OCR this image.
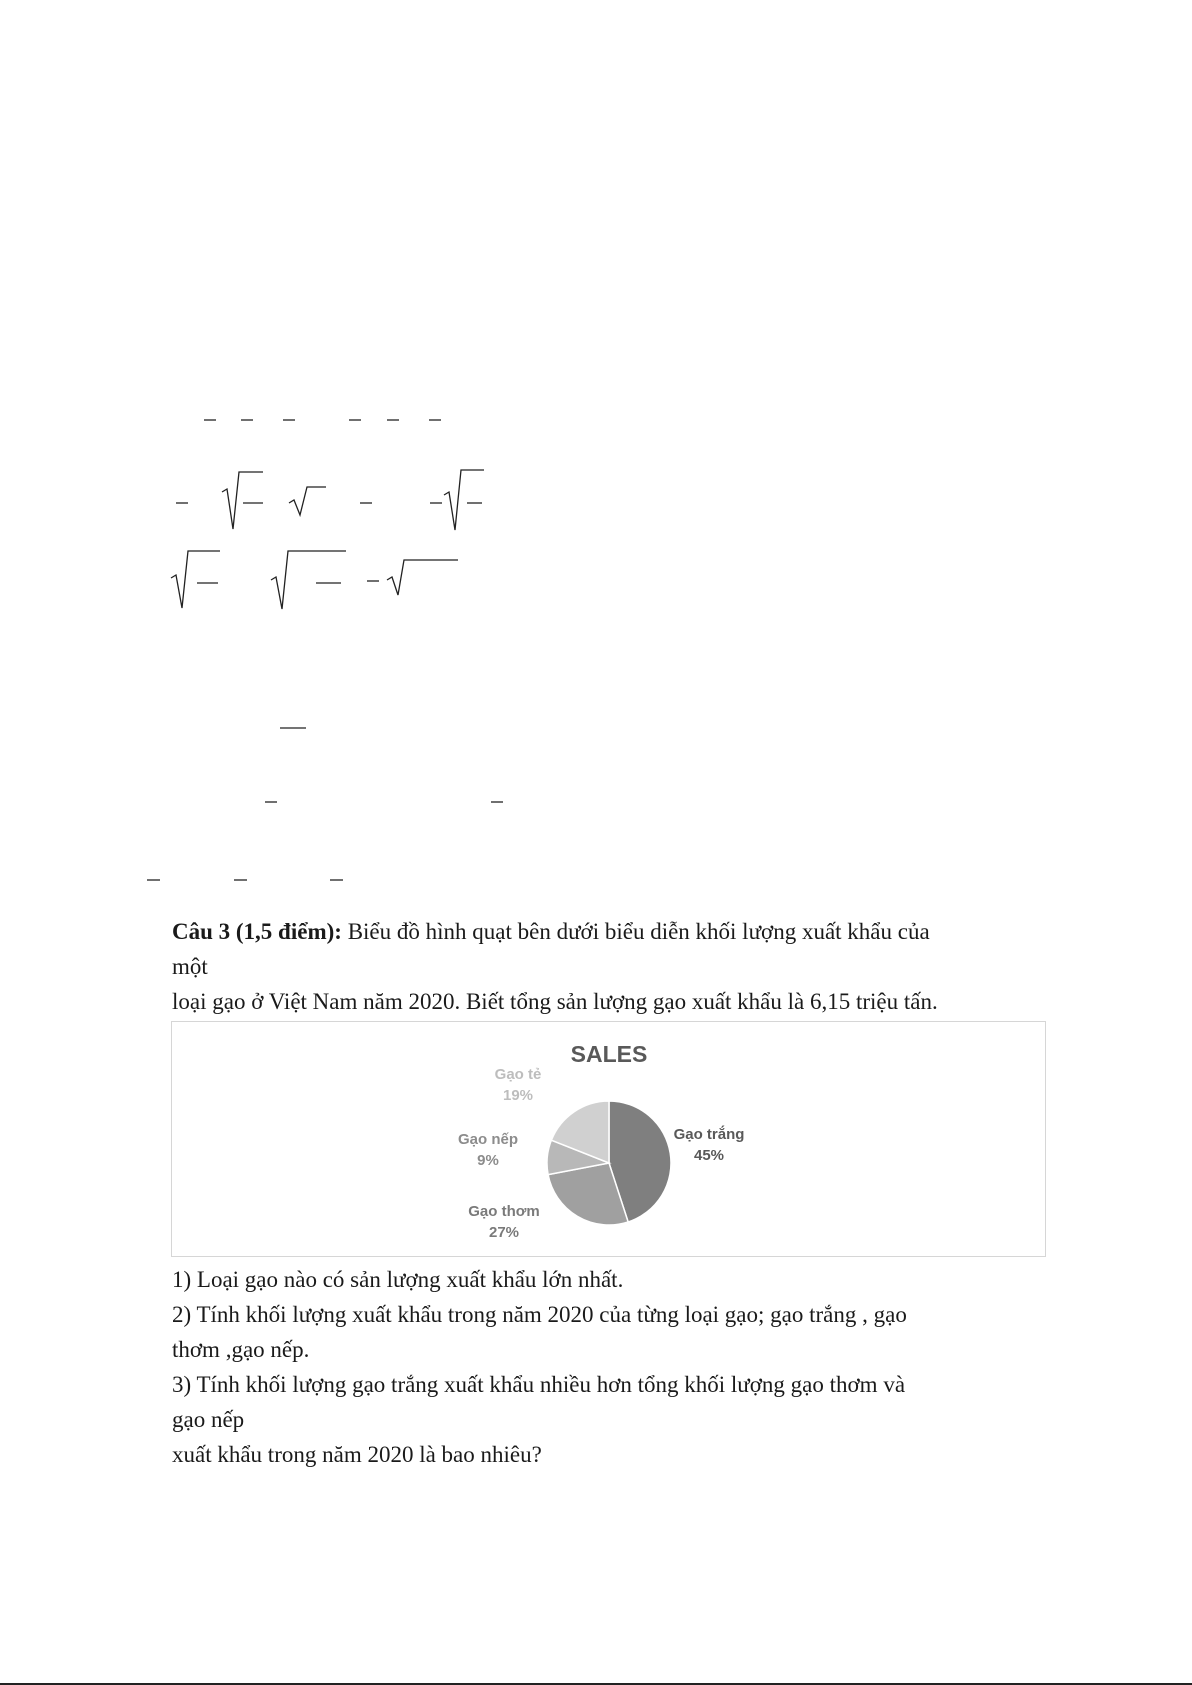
Câu 3 (1,5 điểm): Biểu đồ hình quạt bên dưới biểu diễn khối lượng xuất khẩu của
một
loại gạo ở Việt Nam năm 2020. Biết tổng sản lượng gạo xuất khẩu là 6,15 triệu tấn.
SALES
Gạo trắng
45%
Gạo thơm
27%
Gạo nếp
9%
Gạo tẻ
19%
1) Loại gạo nào có sản lượng xuất khẩu lớn nhất.
2) Tính khối lượng xuất khẩu trong năm 2020 của từng loại gạo; gạo trắng , gạo
thơm ,gạo nếp.
3) Tính khối lượng gạo trắng xuất khẩu nhiều hơn tổng khối lượng gạo thơm và
gạo nếp
xuất khẩu trong năm 2020 là bao nhiêu?
